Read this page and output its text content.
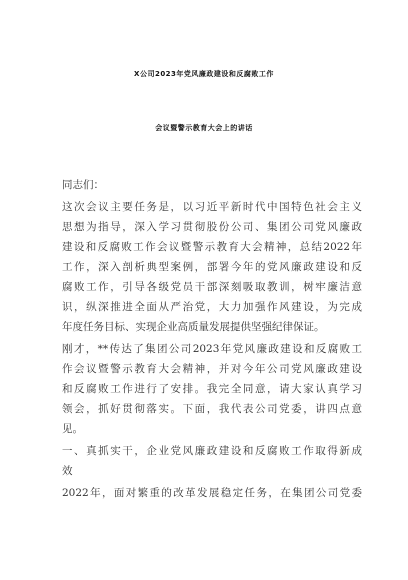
X公司2023年党风廉政建设和反腐败工作
会议暨警示教育大会上的讲话
同志们：
这次会议主要任务是，以习近平新时代中国特色社会主义
思想为指导，深入学习贯彻股份公司、集团公司党风廉政
建设和反腐败工作会议暨警示教育大会精神，总结2022年
工作，深入剖析典型案例，部署今年的党风廉政建设和反
腐败工作，引导各级党员干部深刻吸取教训，树牢廉洁意
识，纵深推进全面从严治党，大力加强作风建设，为完成
年度任务目标、实现企业高质量发展提供坚强纪律保证。
刚才，**传达了集团公司2023年党风廉政建设和反腐败工
作会议暨警示教育大会精神，并对今年公司党风廉政建设
和反腐败工作进行了安排。我完全同意，请大家认真学习
领会，抓好贯彻落实。下面，我代表公司党委，讲四点意
见。
一、真抓实干，企业党风廉政建设和反腐败工作取得新成
效
2022年，面对繁重的改革发展稳定任务，在集团公司党委
